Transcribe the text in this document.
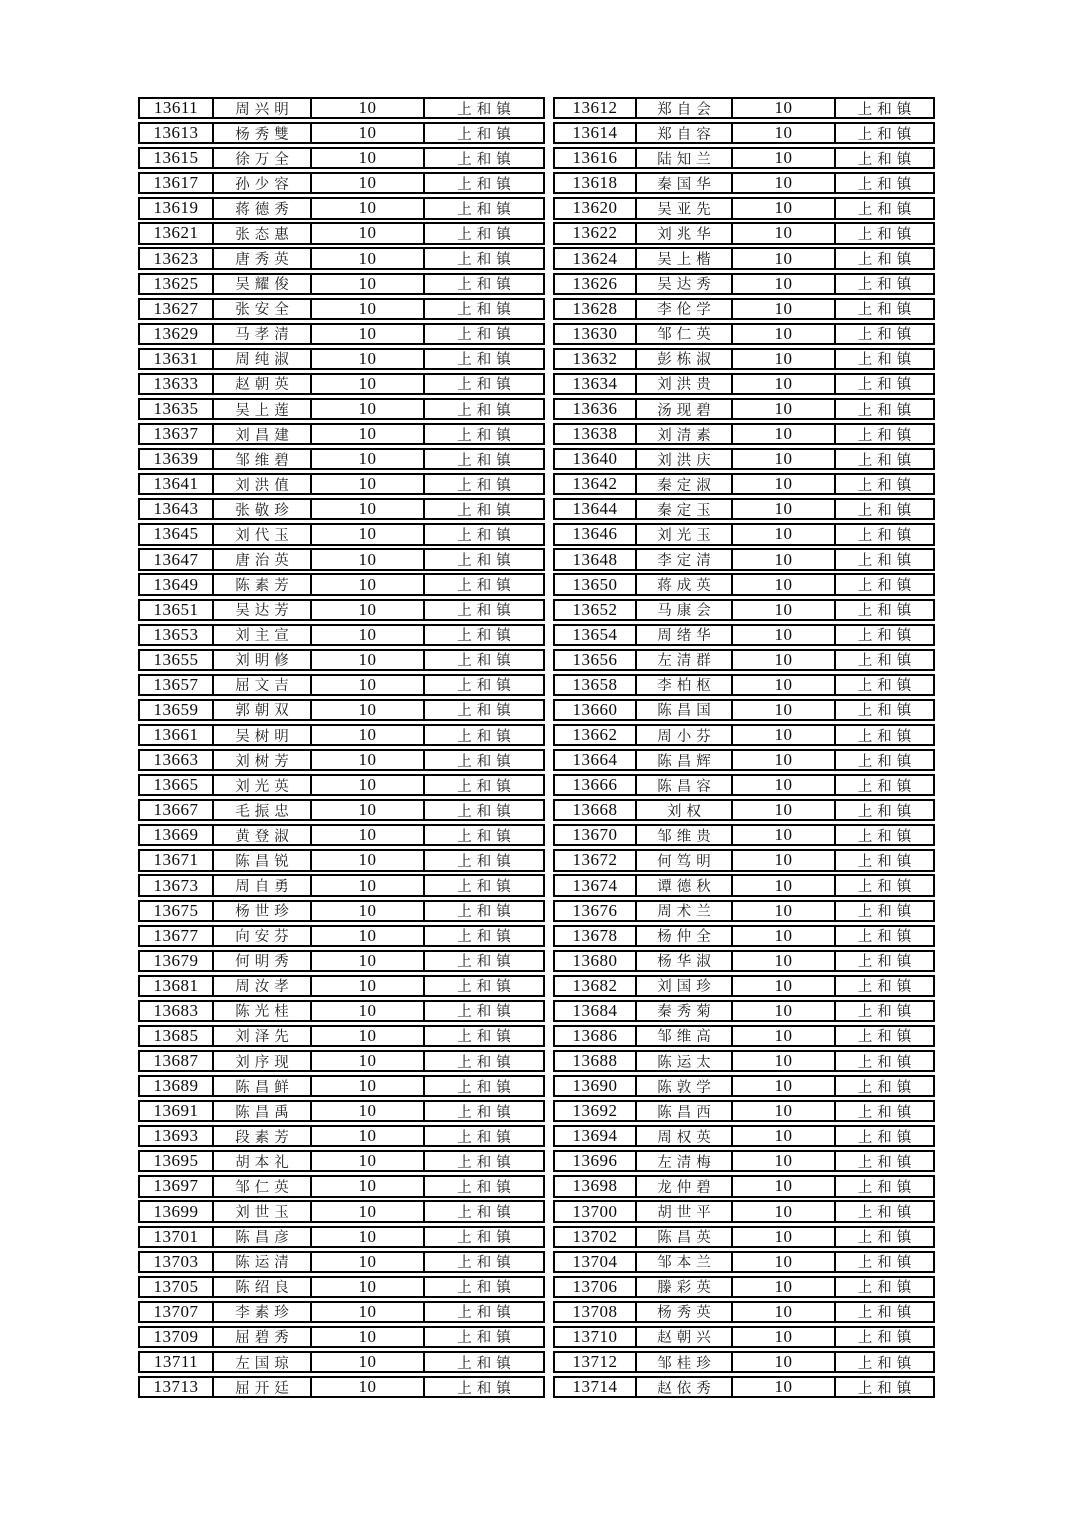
13611	周兴明	10	上和镇	13612	郑自会	10	上和镇
13613	杨秀雙	10	上和镇	13614	郑自容	10	上和镇
13615	徐万全	10	上和镇	13616	陆知兰	10	上和镇
13617	孙少容	10	上和镇	13618	秦国华	10	上和镇
13619	蒋德秀	10	上和镇	13620	吴亚先	10	上和镇
13621	张态惠	10	上和镇	13622	刘兆华	10	上和镇
13623	唐秀英	10	上和镇	13624	吴上楷	10	上和镇
13625	吴耀俊	10	上和镇	13626	吴达秀	10	上和镇
13627	张安全	10	上和镇	13628	李伦学	10	上和镇
13629	马孝清	10	上和镇	13630	邹仁英	10	上和镇
13631	周纯淑	10	上和镇	13632	彭栋淑	10	上和镇
13633	赵朝英	10	上和镇	13634	刘洪贵	10	上和镇
13635	吴上莲	10	上和镇	13636	汤现碧	10	上和镇
13637	刘昌建	10	上和镇	13638	刘清素	10	上和镇
13639	邹维碧	10	上和镇	13640	刘洪庆	10	上和镇
13641	刘洪值	10	上和镇	13642	秦定淑	10	上和镇
13643	张敬珍	10	上和镇	13644	秦定玉	10	上和镇
13645	刘代玉	10	上和镇	13646	刘光玉	10	上和镇
13647	唐治英	10	上和镇	13648	李定清	10	上和镇
13649	陈素芳	10	上和镇	13650	蒋成英	10	上和镇
13651	吴达芳	10	上和镇	13652	马康会	10	上和镇
13653	刘主宣	10	上和镇	13654	周绪华	10	上和镇
13655	刘明修	10	上和镇	13656	左清群	10	上和镇
13657	屈文吉	10	上和镇	13658	李柏枢	10	上和镇
13659	郭朝双	10	上和镇	13660	陈昌国	10	上和镇
13661	吴树明	10	上和镇	13662	周小芬	10	上和镇
13663	刘树芳	10	上和镇	13664	陈昌辉	10	上和镇
13665	刘光英	10	上和镇	13666	陈昌容	10	上和镇
13667	毛振忠	10	上和镇	13668	刘权	10	上和镇
13669	黄登淑	10	上和镇	13670	邹维贵	10	上和镇
13671	陈昌锐	10	上和镇	13672	何笃明	10	上和镇
13673	周自勇	10	上和镇	13674	谭德秋	10	上和镇
13675	杨世珍	10	上和镇	13676	周术兰	10	上和镇
13677	向安芬	10	上和镇	13678	杨仲全	10	上和镇
13679	何明秀	10	上和镇	13680	杨华淑	10	上和镇
13681	周汝孝	10	上和镇	13682	刘国珍	10	上和镇
13683	陈光桂	10	上和镇	13684	秦秀菊	10	上和镇
13685	刘泽先	10	上和镇	13686	邹维高	10	上和镇
13687	刘序现	10	上和镇	13688	陈运太	10	上和镇
13689	陈昌鲜	10	上和镇	13690	陈敦学	10	上和镇
13691	陈昌禹	10	上和镇	13692	陈昌西	10	上和镇
13693	段素芳	10	上和镇	13694	周权英	10	上和镇
13695	胡本礼	10	上和镇	13696	左清梅	10	上和镇
13697	邹仁英	10	上和镇	13698	龙仲碧	10	上和镇
13699	刘世玉	10	上和镇	13700	胡世平	10	上和镇
13701	陈昌彦	10	上和镇	13702	陈昌英	10	上和镇
13703	陈运清	10	上和镇	13704	邹本兰	10	上和镇
13705	陈绍良	10	上和镇	13706	滕彩英	10	上和镇
13707	李素珍	10	上和镇	13708	杨秀英	10	上和镇
13709	屈碧秀	10	上和镇	13710	赵朝兴	10	上和镇
13711	左国琼	10	上和镇	13712	邹桂珍	10	上和镇
13713	屈开廷	10	上和镇	13714	赵依秀	10	上和镇
